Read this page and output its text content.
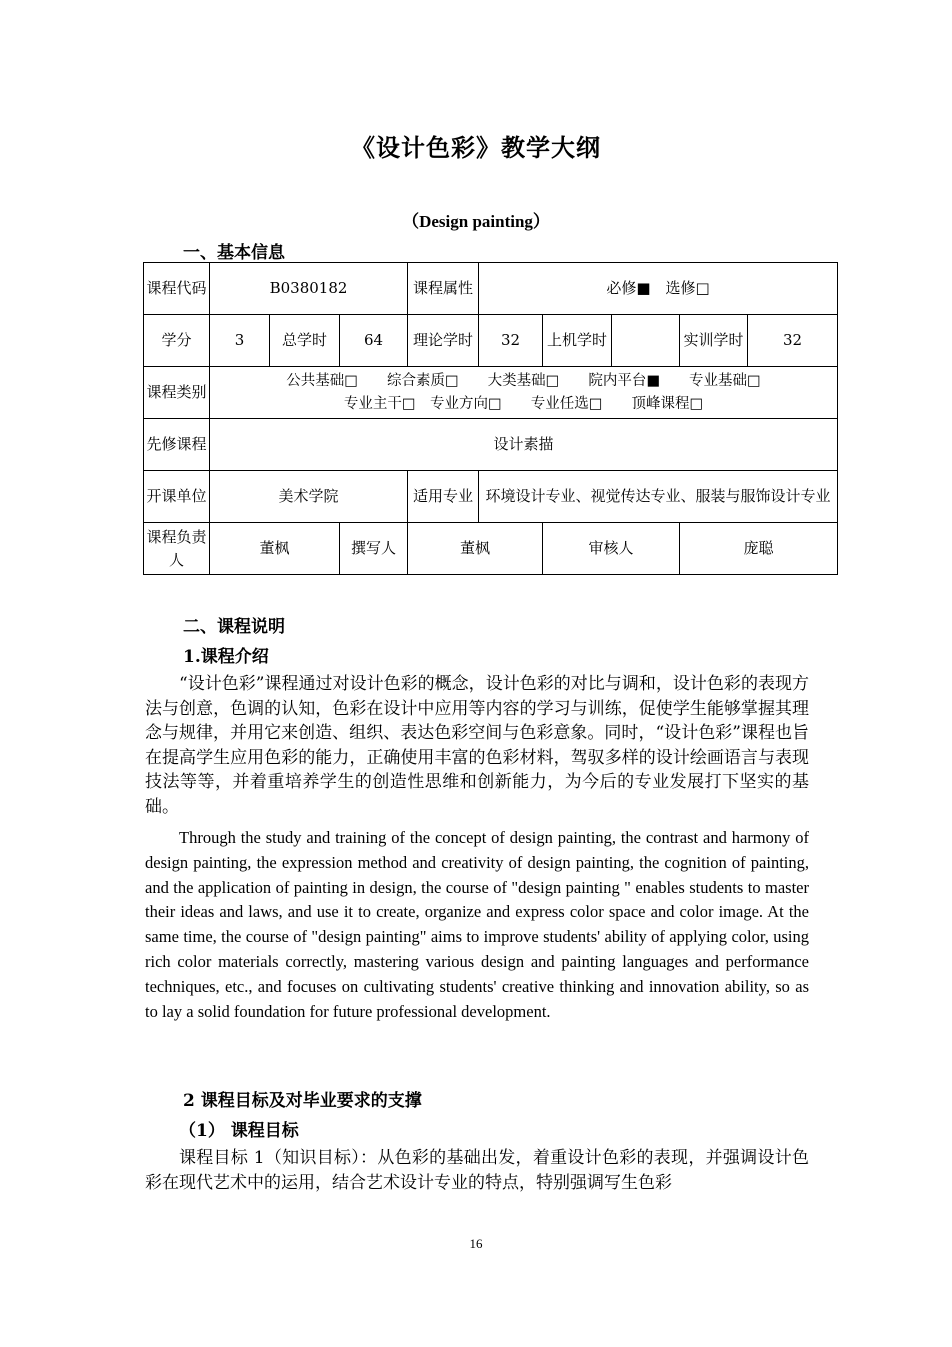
《设计色彩》教学大纲
（Design painting）
一、基本信息
课程代码	B0380182			课程属性	必修■　选修□				
学分	3	总学时	64	理论学时	32	上机学时		实训学时	32
课程类别	公共基础□　　综合素质□　　大类基础□　　院内平台■　　专业基础□
专业主干□　专业方向□　　专业任选□　　顶峰课程□								

先修课程	设计素描								
开课单位	美术学院			适用专业	环境设计专业、视觉传达专业、服装与服饰设计专业				
课程负责人	董枫		撰写人	董枫		审核人		庞聪	
二、课程说明
1.课程介绍
“设计色彩”课程通过对设计色彩的概念，设计色彩的对比与调和，设计色彩的表现方法与创意，色调的认知，色彩在设计中应用等内容的学习与训练，促使学生能够掌握其理念与规律，并用它来创造、组织、表达色彩空间与色彩意象。同时，“设计色彩”课程也旨在提高学生应用色彩的能力，正确使用丰富的色彩材料，驾驭多样的设计绘画语言与表现技法等等，并着重培养学生的创造性思维和创新能力，为今后的专业发展打下坚实的基础。
Through the study and training of the concept of design painting, the contrast and harmony of design painting, the expression method and creativity of design painting, the cognition of painting, and the application of painting in design, the course of "design painting " enables students to master their ideas and laws, and use it to create, organize and express color space and color image. At the same time, the course of "design painting" aims to improve students' ability of applying color, using rich color materials correctly, mastering various design and painting languages and performance techniques, etc., and focuses on cultivating students' creative thinking and innovation ability, so as to lay a solid foundation for future professional development.
2 课程目标及对毕业要求的支撑
（1） 课程目标
课程目标 1（知识目标）：从色彩的基础出发，着重设计色彩的表现，并强调设计色彩在现代艺术中的运用，结合艺术设计专业的特点，特别强调写生色彩
16
